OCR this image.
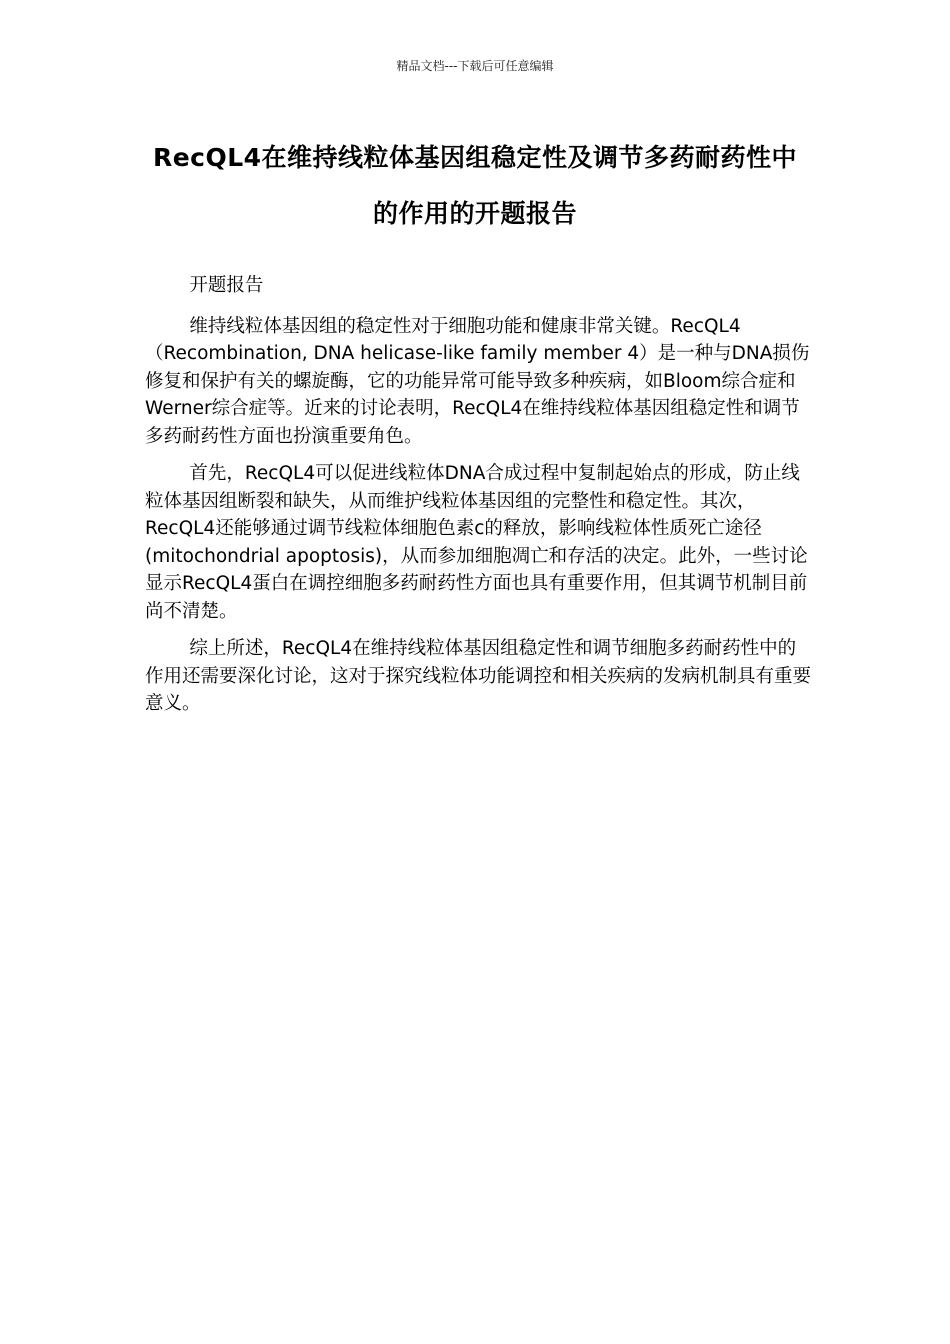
精品文档---下载后可任意编辑
RecQL4在维持线粒体基因组稳定性及调节多药耐药性中的作用的开题报告

开题报告

维持线粒体基因组的稳定性对于细胞功能和健康非常关键。RecQL4（Recombination, DNA helicase-like family member 4）是一种与DNA损伤修复和保护有关的螺旋酶，它的功能异常可能导致多种疾病，如Bloom综合症和Werner综合症等。近来的讨论表明，RecQL4在维持线粒体基因组稳定性和调节多药耐药性方面也扮演重要角色。

首先，RecQL4可以促进线粒体DNA合成过程中复制起始点的形成，防止线粒体基因组断裂和缺失，从而维护线粒体基因组的完整性和稳定性。其次，RecQL4还能够通过调节线粒体细胞色素c的释放，影响线粒体性质死亡途径(mitochondrial apoptosis)，从而参加细胞凋亡和存活的决定。此外，一些讨论显示RecQL4蛋白在调控细胞多药耐药性方面也具有重要作用，但其调节机制目前尚不清楚。

综上所述，RecQL4在维持线粒体基因组稳定性和调节细胞多药耐药性中的作用还需要深化讨论，这对于探究线粒体功能调控和相关疾病的发病机制具有重要意义。
